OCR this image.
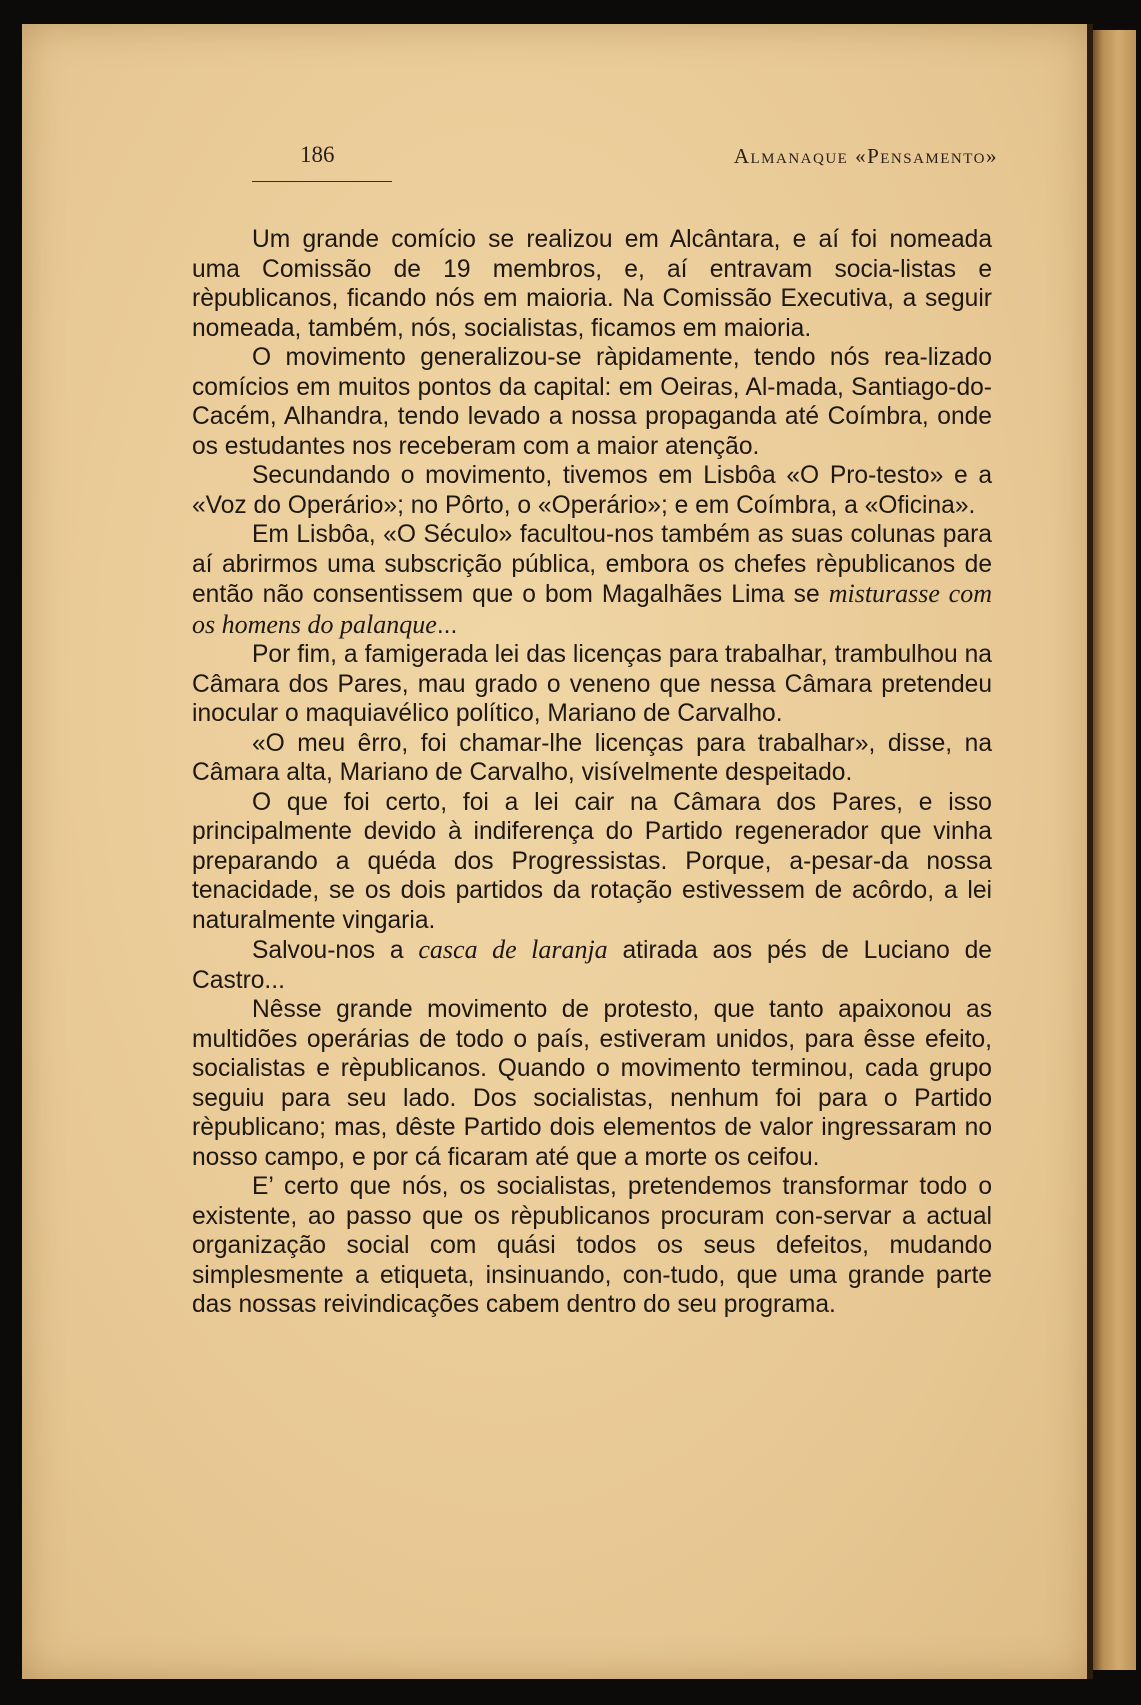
186	Almanaque «Pensamento»

Um grande comício se realizou em Alcântara, e aí foi nomeada uma Comissão de 19 membros, e, aí entravam socia-listas e rèpublicanos, ficando nós em maioria. Na Comissão Executiva, a seguir nomeada, também, nós, socialistas, ficamos em maioria.

O movimento generalizou-se ràpidamente, tendo nós rea-lizado comícios em muitos pontos da capital: em Oeiras, Al-mada, Santiago-do-Cacém, Alhandra, tendo levado a nossa propaganda até Coímbra, onde os estudantes nos receberam com a maior atenção.

Secundando o movimento, tivemos em Lisbôa «O Pro-testo» e a «Voz do Operário»; no Pôrto, o «Operário»; e em Coímbra, a «Oficina».

Em Lisbôa, «O Século» facultou-nos também as suas colunas para aí abrirmos uma subscrição pública, embora os chefes rèpublicanos de então não consentissem que o bom Magalhães Lima se misturasse com os homens do palanque...

Por fim, a famigerada lei das licenças para trabalhar, trambulhou na Câmara dos Pares, mau grado o veneno que nessa Câmara pretendeu inocular o maquiavélico político, Mariano de Carvalho.

«O meu êrro, foi chamar-lhe licenças para trabalhar», disse, na Câmara alta, Mariano de Carvalho, visívelmente despeitado.

O que foi certo, foi a lei cair na Câmara dos Pares, e isso principalmente devido à indiferença do Partido regenerador que vinha preparando a quéda dos Progressistas. Porque, a-pesar-da nossa tenacidade, se os dois partidos da rotação estivessem de acôrdo, a lei naturalmente vingaria.

Salvou-nos a casca de laranja atirada aos pés de Luciano de Castro...

Nêsse grande movimento de protesto, que tanto apaixonou as multidões operárias de todo o país, estiveram unidos, para êsse efeito, socialistas e rèpublicanos. Quando o movimento terminou, cada grupo seguiu para seu lado. Dos socialistas, nenhum foi para o Partido rèpublicano; mas, dêste Partido dois elementos de valor ingressaram no nosso campo, e por cá ficaram até que a morte os ceifou.

E’ certo que nós, os socialistas, pretendemos transformar todo o existente, ao passo que os rèpublicanos procuram con-servar a actual organização social com quási todos os seus defeitos, mudando simplesmente a etiqueta, insinuando, con-tudo, que uma grande parte das nossas reivindicações cabem dentro do seu programa.
